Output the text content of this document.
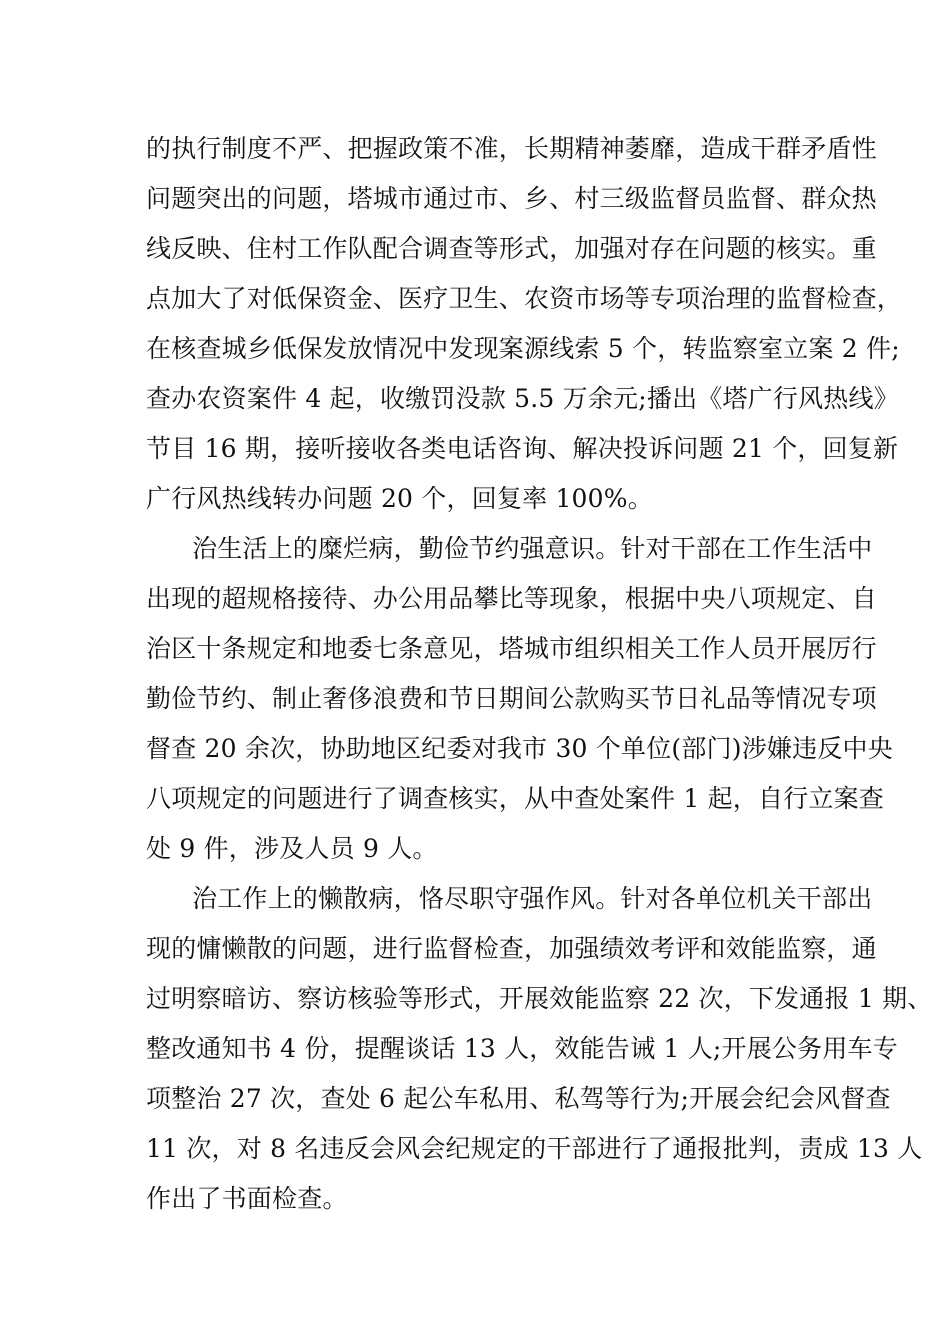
的执行制度不严、把握政策不准，长期精神萎靡，造成干群矛盾性
问题突出的问题，塔城市通过市、乡、村三级监督员监督、群众热
线反映、住村工作队配合调查等形式，加强对存在问题的核实。重
点加大了对低保资金、医疗卫生、农资市场等专项治理的监督检查，
在核查城乡低保发放情况中发现案源线索 5 个，转监察室立案 2 件;
查办农资案件 4 起，收缴罚没款 5.5 万余元;播出《塔广行风热线》
节目 16 期，接听接收各类电话咨询、解决投诉问题 21 个，回复新
广行风热线转办问题 20 个，回复率 100%。
治生活上的糜烂病，勤俭节约强意识。针对干部在工作生活中
出现的超规格接待、办公用品攀比等现象，根据中央八项规定、自
治区十条规定和地委七条意见，塔城市组织相关工作人员开展厉行
勤俭节约、制止奢侈浪费和节日期间公款购买节日礼品等情况专项
督查 20 余次，协助地区纪委对我市 30 个单位(部门)涉嫌违反中央
八项规定的问题进行了调查核实，从中查处案件 1 起，自行立案查
处 9 件，涉及人员 9 人。
治工作上的懒散病，恪尽职守强作风。针对各单位机关干部出
现的慵懒散的问题，进行监督检查，加强绩效考评和效能监察，通
过明察暗访、察访核验等形式，开展效能监察 22 次，下发通报 1 期、
整改通知书 4 份，提醒谈话 13 人，效能告诫 1 人;开展公务用车专
项整治 27 次，查处 6 起公车私用、私驾等行为;开展会纪会风督查
11 次，对 8 名违反会风会纪规定的干部进行了通报批判，责成 13 人
作出了书面检查。
